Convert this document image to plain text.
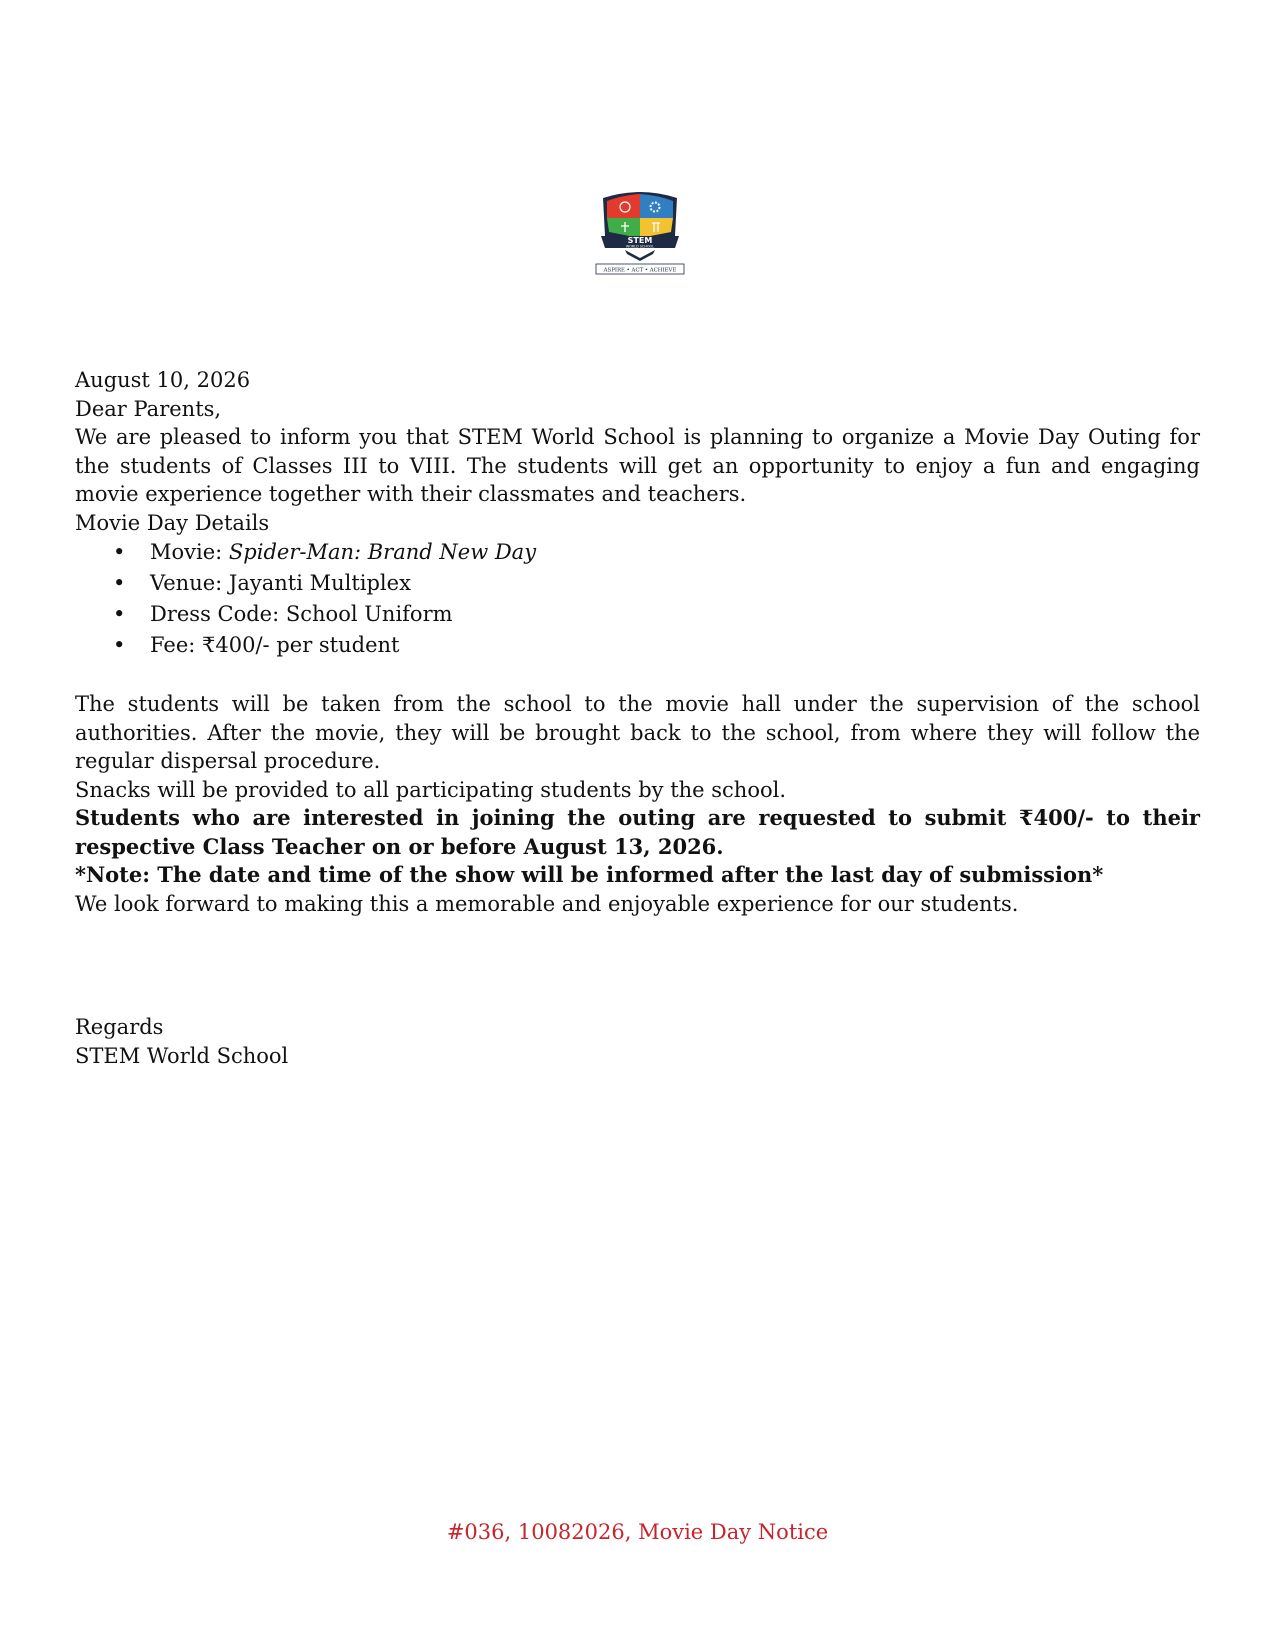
STEM
WORLD SCHOOL
ASPIRE • ACT • ACHIEVE

August 10, 2026

Dear Parents,

We are pleased to inform you that STEM World School is planning to organize a Movie Day Outing for the students of Classes III to VIII. The students will get an opportunity to enjoy a fun and engaging movie experience together with their classmates and teachers.

Movie Day Details

• Movie: Spider-Man: Brand New Day
• Venue: Jayanti Multiplex
• Dress Code: School Uniform
• Fee: ₹400/- per student

The students will be taken from the school to the movie hall under the supervision of the school authorities. After the movie, they will be brought back to the school, from where they will follow the regular dispersal procedure.

Snacks will be provided to all participating students by the school.

Students who are interested in joining the outing are requested to submit ₹400/- to their respective Class Teacher on or before August 13, 2026.

*Note: The date and time of the show will be informed after the last day of submission*

We look forward to making this a memorable and enjoyable experience for our students.

Regards

STEM World School

#036, 10082026, Movie Day Notice
